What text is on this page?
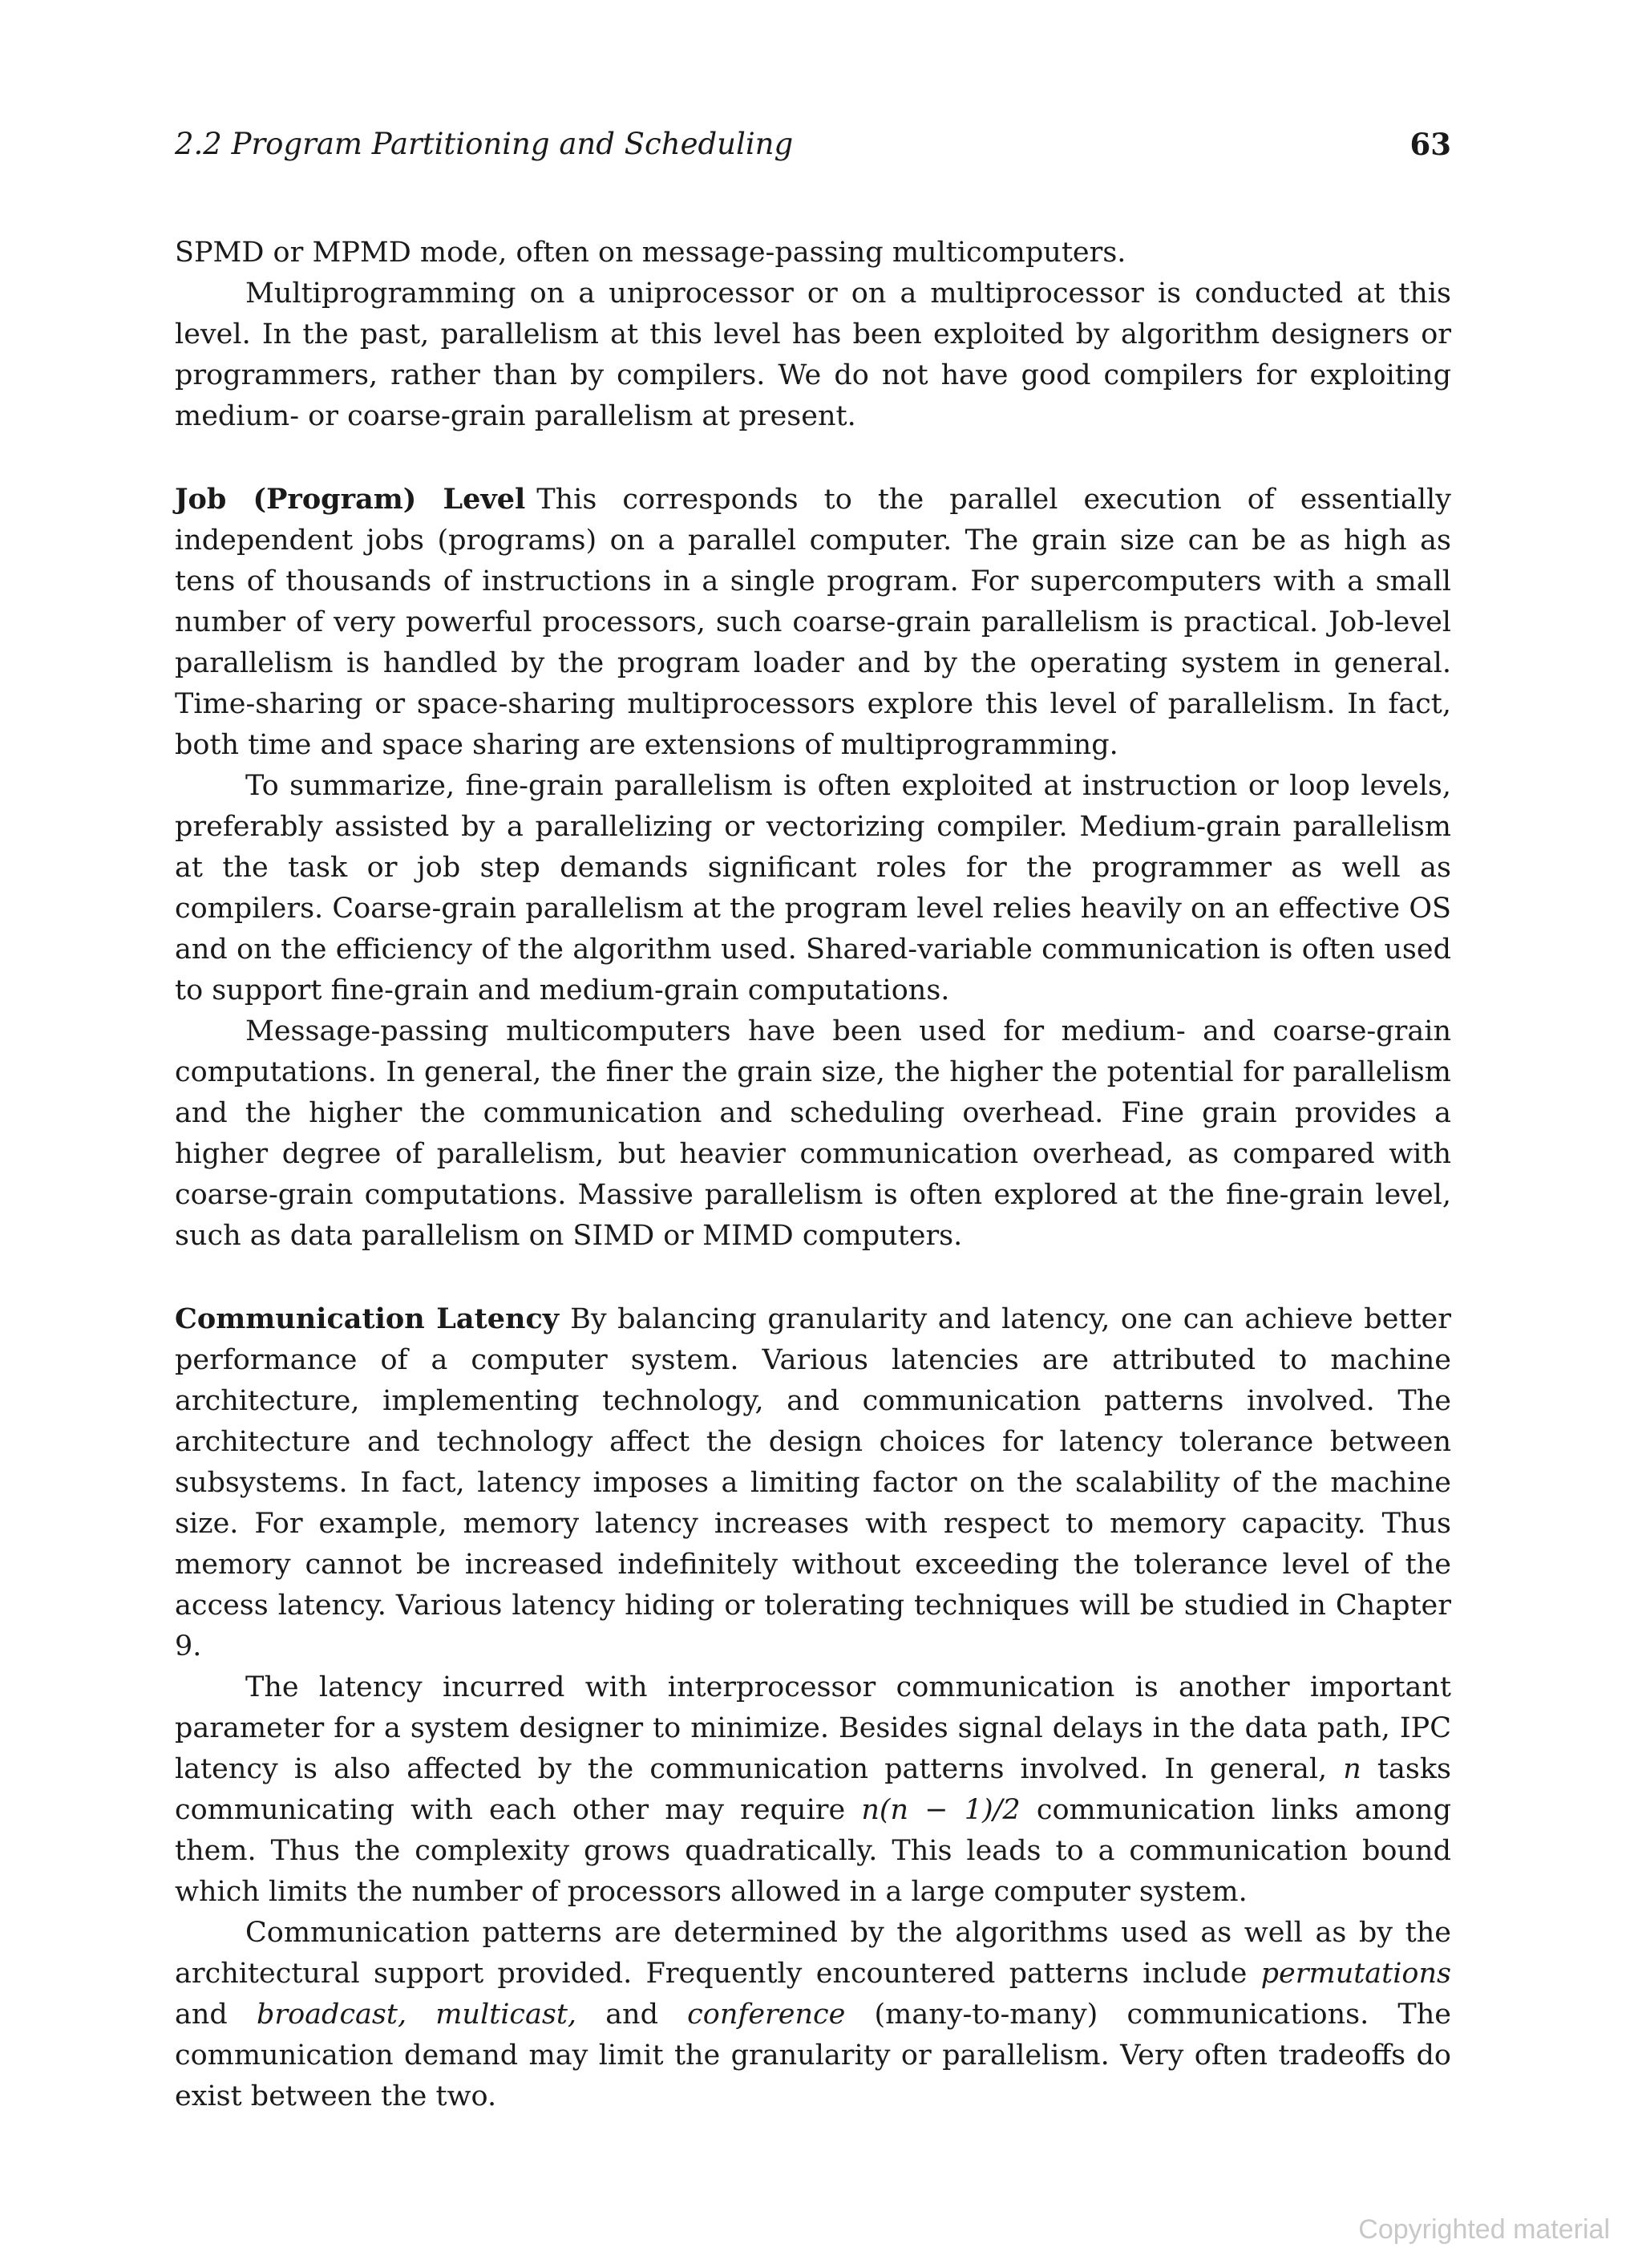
2.2 Program Partitioning and Scheduling	63

SPMD or MPMD mode, often on message-passing multicomputers.

Multiprogramming on a uniprocessor or on a multiprocessor is conducted at this level. In the past, parallelism at this level has been exploited by algorithm designers or programmers, rather than by compilers. We do not have good compilers for exploiting medium- or coarse-grain parallelism at present.

Job (Program) Level This corresponds to the parallel execution of essentially independent jobs (programs) on a parallel computer. The grain size can be as high as tens of thousands of instructions in a single program. For supercomputers with a small number of very powerful processors, such coarse-grain parallelism is practical. Job-level parallelism is handled by the program loader and by the operating system in general. Time-sharing or space-sharing multiprocessors explore this level of parallelism. In fact, both time and space sharing are extensions of multiprogramming.

To summarize, fine-grain parallelism is often exploited at instruction or loop levels, preferably assisted by a parallelizing or vectorizing compiler. Medium-grain parallelism at the task or job step demands significant roles for the programmer as well as compilers. Coarse-grain parallelism at the program level relies heavily on an effective OS and on the efficiency of the algorithm used. Shared-variable communication is often used to support fine-grain and medium-grain computations.

Message-passing multicomputers have been used for medium- and coarse-grain computations. In general, the finer the grain size, the higher the potential for parallelism and the higher the communication and scheduling overhead. Fine grain provides a higher degree of parallelism, but heavier communication overhead, as compared with coarse-grain computations. Massive parallelism is often explored at the fine-grain level, such as data parallelism on SIMD or MIMD computers.

Communication Latency By balancing granularity and latency, one can achieve better performance of a computer system. Various latencies are attributed to machine architecture, implementing technology, and communication patterns involved. The architecture and technology affect the design choices for latency tolerance between subsystems. In fact, latency imposes a limiting factor on the scalability of the machine size. For example, memory latency increases with respect to memory capacity. Thus memory cannot be increased indefinitely without exceeding the tolerance level of the access latency. Various latency hiding or tolerating techniques will be studied in Chapter 9.

The latency incurred with interprocessor communication is another important parameter for a system designer to minimize. Besides signal delays in the data path, IPC latency is also affected by the communication patterns involved. In general, n tasks communicating with each other may require n(n − 1)/2 communication links among them. Thus the complexity grows quadratically. This leads to a communication bound which limits the number of processors allowed in a large computer system.

Communication patterns are determined by the algorithms used as well as by the architectural support provided. Frequently encountered patterns include permutations and broadcast, multicast, and conference (many-to-many) communications. The communication demand may limit the granularity or parallelism. Very often tradeoffs do exist between the two.

Copyrighted material
